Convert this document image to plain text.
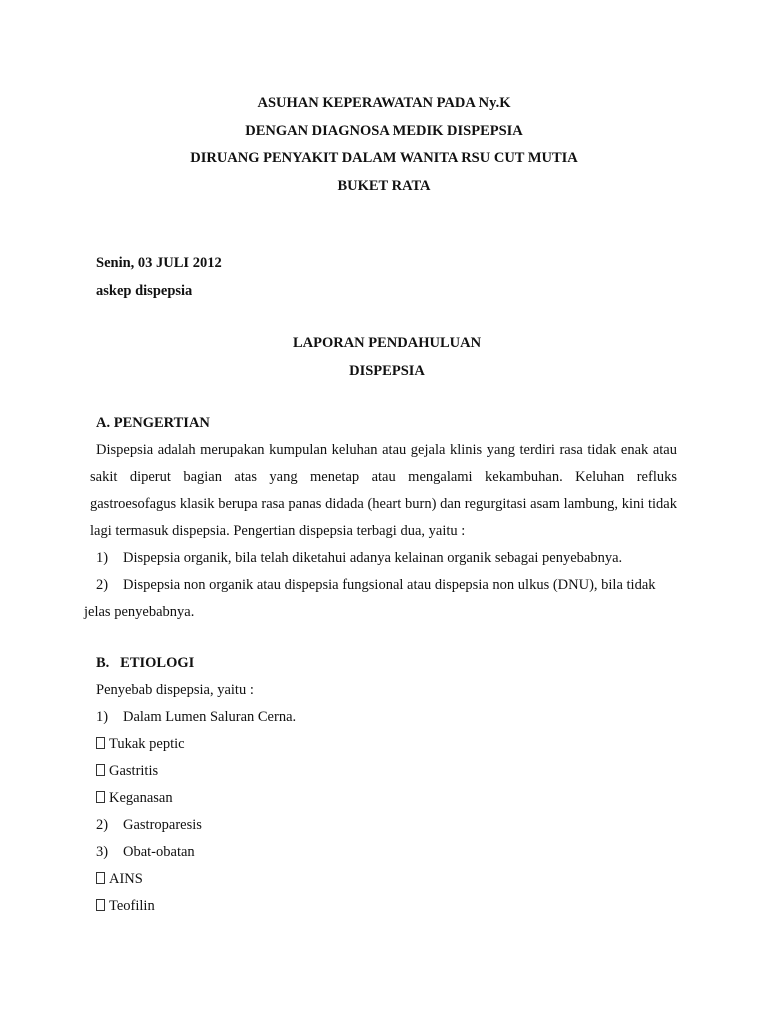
ASUHAN KEPERAWATAN PADA Ny.K
DENGAN DIAGNOSA MEDIK DISPEPSIA
DIRUANG PENYAKIT DALAM WANITA RSU CUT MUTIA
BUKET RATA
Senin, 03 JULI 2012
askep dispepsia
LAPORAN PENDAHULUAN
DISPEPSIA
A. PENGERTIAN
Dispepsia adalah merupakan kumpulan keluhan atau gejala klinis yang terdiri rasa tidak enak atau sakit diperut bagian atas yang menetap atau mengalami kekambuhan. Keluhan refluks gastroesofagus klasik berupa rasa panas didada (heart burn) dan regurgitasi asam lambung, kini tidak lagi termasuk dispepsia. Pengertian dispepsia terbagi dua, yaitu :
1)	Dispepsia organik, bila telah diketahui adanya kelainan organik sebagai penyebabnya.
2)	Dispepsia non organik atau dispepsia fungsional atau dispepsia non ulkus (DNU), bila tidak
jelas penyebabnya.
B.   ETIOLOGI
Penyebab dispepsia, yaitu :
1)	Dalam Lumen Saluran Cerna.
Tukak peptic
Gastritis
Keganasan
2)	Gastroparesis
3)	Obat-obatan
AINS
Teofilin
